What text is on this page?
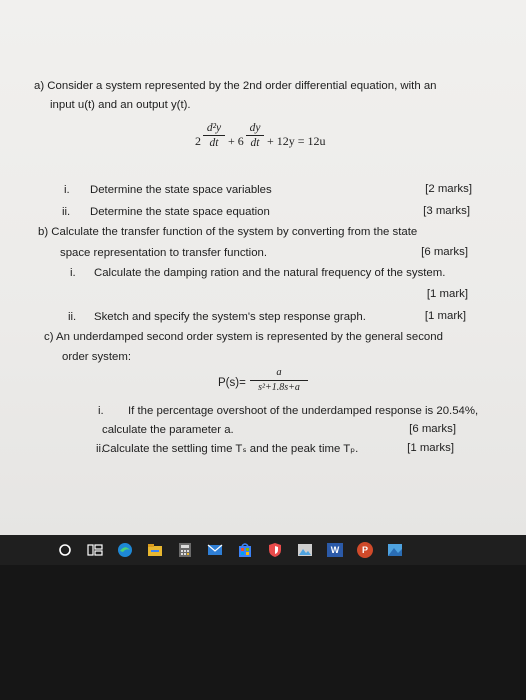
a) Consider a system represented by the 2nd order differential equation, with an
input u(t) and an output y(t).
2
d²y
dt + 6
dy
dt + 12y = 12u
i. Determine the state space variables	[2 marks]
ii. Determine the state space equation	[3 marks]
b) Calculate the transfer function of the system by converting from the state
space representation to transfer function.	[6 marks]
i. Calculate the damping ration and the natural frequency of the system.
[1 mark]
ii. Sketch and specify the system's step response graph.	[1 mark]
c) An underdamped second order system is represented by the general second
order system:
P(s)=
a
s²+1.8s+a
i. If the percentage overshoot of the underdamped response is 20.54%,
calculate the parameter a.	[6 marks]
ii.
Calculate the settling time Tₛ and the peak time Tₚ.	[1 marks]
W	P
